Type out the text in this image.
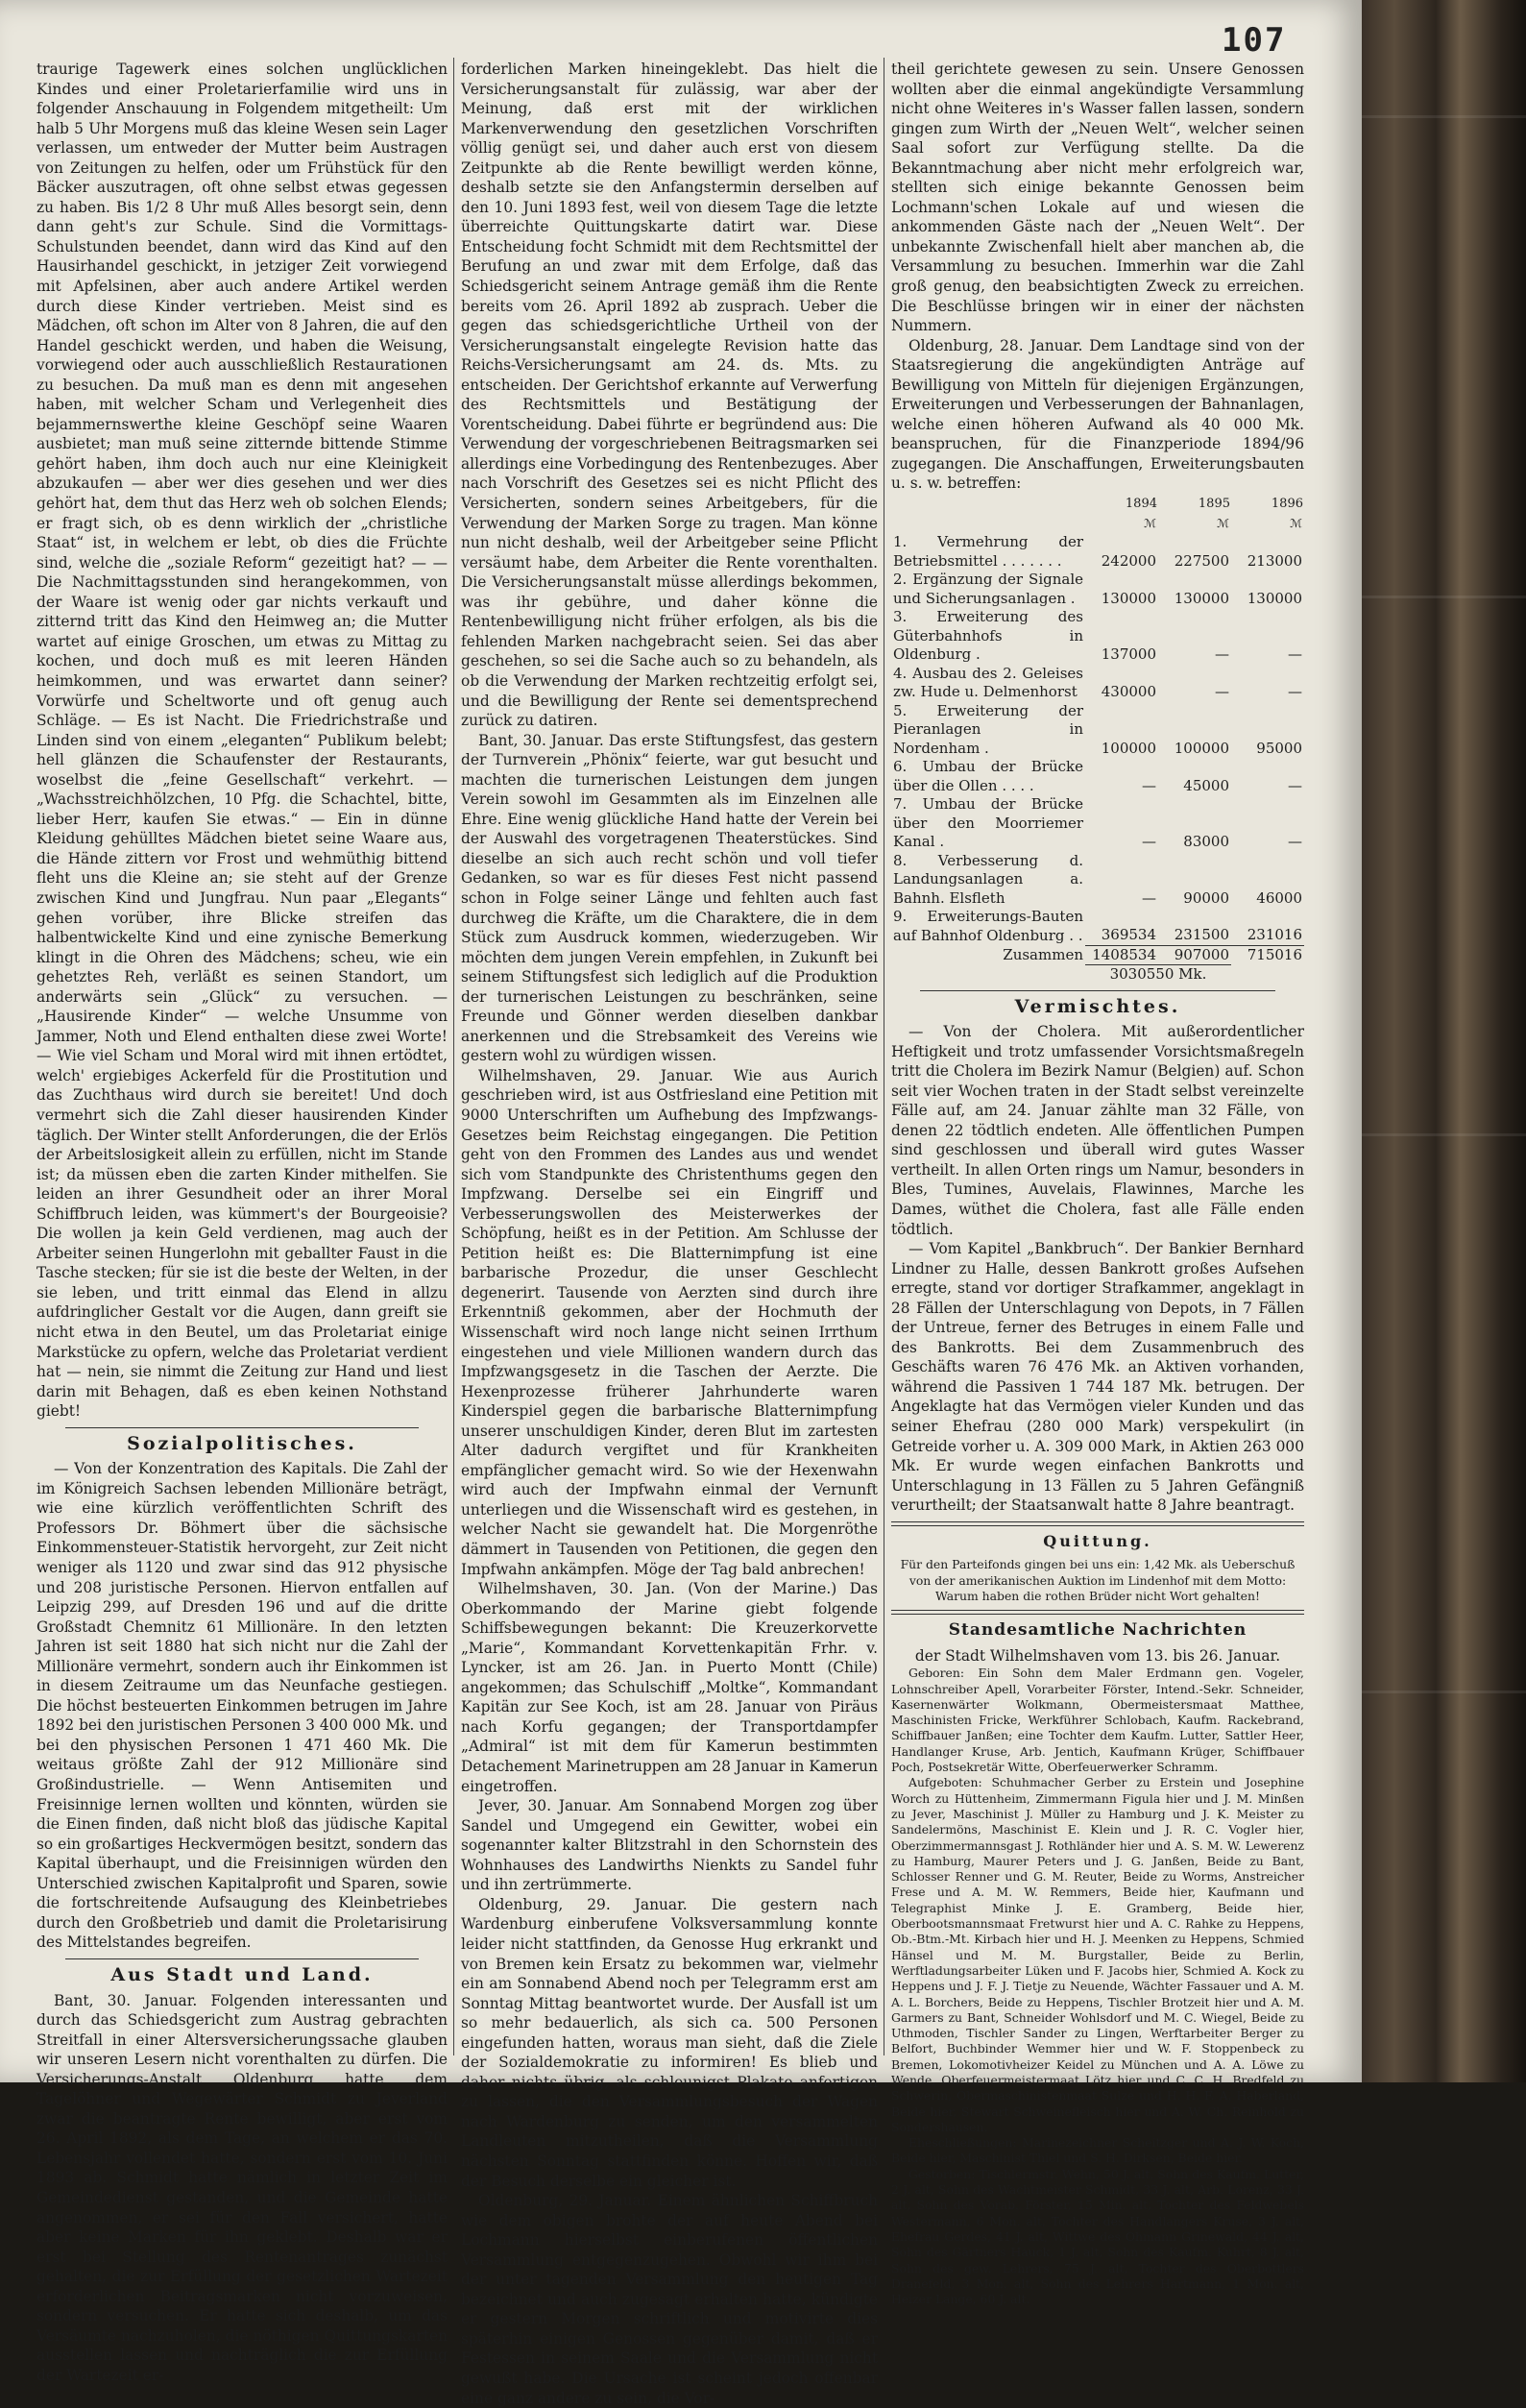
107

traurige Tagewerk eines solchen unglücklichen Kindes und einer Proletarierfamilie wird uns in folgender Anschauung in Folgendem mitgetheilt: Um halb 5 Uhr Morgens muß das kleine Wesen sein Lager verlassen, um entweder der Mutter beim Austragen von Zeitungen zu helfen, oder um Frühstück für den Bäcker auszutragen, oft ohne selbst etwas gegessen zu haben. Bis 1/2 8 Uhr muß Alles besorgt sein, denn dann geht's zur Schule. Sind die Vormittags-Schulstunden beendet, dann wird das Kind auf den Hausirhandel geschickt, in jetziger Zeit vorwiegend mit Apfelsinen, aber auch andere Artikel werden durch diese Kinder vertrieben. Meist sind es Mädchen, oft schon im Alter von 8 Jahren, die auf den Handel geschickt werden, und haben die Weisung, vorwiegend oder auch ausschließlich Restaurationen zu besuchen. Da muß man es denn mit angesehen haben, mit welcher Scham und Verlegenheit dies bejammernswerthe kleine Geschöpf seine Waaren ausbietet; man muß seine zitternde bittende Stimme gehört haben, ihm doch auch nur eine Kleinigkeit abzukaufen — aber wer dies gesehen und wer dies gehört hat, dem thut das Herz weh ob solchen Elends; er fragt sich, ob es denn wirklich der „christliche Staat“ ist, in welchem er lebt, ob dies die Früchte sind, welche die „soziale Reform“ gezeitigt hat? — — Die Nachmittagsstunden sind herangekommen, von der Waare ist wenig oder gar nichts verkauft und zitternd tritt das Kind den Heimweg an; die Mutter wartet auf einige Groschen, um etwas zu Mittag zu kochen, und doch muß es mit leeren Händen heimkommen, und was erwartet dann seiner? Vorwürfe und Scheltworte und oft genug auch Schläge. — Es ist Nacht. Die Friedrichstraße und Linden sind von einem „eleganten“ Publikum belebt; hell glänzen die Schaufenster der Restaurants, woselbst die „feine Gesellschaft“ verkehrt. — „Wachsstreichhölzchen, 10 Pfg. die Schachtel, bitte, lieber Herr, kaufen Sie etwas.“ — Ein in dünne Kleidung gehülltes Mädchen bietet seine Waare aus, die Hände zittern vor Frost und wehmüthig bittend fleht uns die Kleine an; sie steht auf der Grenze zwischen Kind und Jungfrau. Nun paar „Elegants“ gehen vorüber, ihre Blicke streifen das halbentwickelte Kind und eine zynische Bemerkung klingt in die Ohren des Mädchens; scheu, wie ein gehetztes Reh, verläßt es seinen Standort, um anderwärts sein „Glück“ zu versuchen. — „Hausirende Kinder“ — welche Unsumme von Jammer, Noth und Elend enthalten diese zwei Worte! — Wie viel Scham und Moral wird mit ihnen ertödtet, welch' ergiebiges Ackerfeld für die Prostitution und das Zuchthaus wird durch sie bereitet! Und doch vermehrt sich die Zahl dieser hausirenden Kinder täglich. Der Winter stellt Anforderungen, die der Erlös der Arbeitslosigkeit allein zu erfüllen, nicht im Stande ist; da müssen eben die zarten Kinder mithelfen. Sie leiden an ihrer Gesundheit oder an ihrer Moral Schiffbruch leiden, was kümmert's der Bourgeoisie? Die wollen ja kein Geld verdienen, mag auch der Arbeiter seinen Hungerlohn mit geballter Faust in die Tasche stecken; für sie ist die beste der Welten, in der sie leben, und tritt einmal das Elend in allzu aufdringlicher Gestalt vor die Augen, dann greift sie nicht etwa in den Beutel, um das Proletariat einige Markstücke zu opfern, welche das Proletariat verdient hat — nein, sie nimmt die Zeitung zur Hand und liest darin mit Behagen, daß es eben keinen Nothstand giebt!

Sozialpolitisches.

— Von der Konzentration des Kapitals. Die Zahl der im Königreich Sachsen lebenden Millionäre beträgt, wie eine kürzlich veröffentlichten Schrift des Professors Dr. Böhmert über die sächsische Einkommensteuer-Statistik hervorgeht, zur Zeit nicht weniger als 1120 und zwar sind das 912 physische und 208 juristische Personen. Hiervon entfallen auf Leipzig 299, auf Dresden 196 und auf die dritte Großstadt Chemnitz 61 Millionäre. In den letzten Jahren ist seit 1880 hat sich nicht nur die Zahl der Millionäre vermehrt, sondern auch ihr Einkommen ist in diesem Zeitraume um das Neunfache gestiegen. Die höchst besteuerten Einkommen betrugen im Jahre 1892 bei den juristischen Personen 3 400 000 Mk. und bei den physischen Personen 1 471 460 Mk. Die weitaus größte Zahl der 912 Millionäre sind Großindustrielle. — Wenn Antisemiten und Freisinnige lernen wollten und könnten, würden sie die Einen finden, daß nicht bloß das jüdische Kapital so ein großartiges Heckvermögen besitzt, sondern das Kapital überhaupt, und die Freisinnigen würden den Unterschied zwischen Kapitalprofit und Sparen, sowie die fortschreitende Aufsaugung des Kleinbetriebes durch den Großbetrieb und damit die Proletarisirung des Mittelstandes begreifen.

Aus Stadt und Land.

Bant, 30. Januar. Folgenden interessanten und durch das Schiedsgericht zum Austrag gebrachten Streitfall in einer Altersversicherungssache glauben wir unseren Lesern nicht vorenthalten zu dürfen. Die Versicherungs-Anstalt Oldenburg hatte dem Tagelöhner und Wegewärter Schmidt zu Jeverland zwar die beantragte Rente bewilligt, aber erst vom 26. April 1892, als dem Tage, an welchem er das 70. Lebensjahr vollendet hatte, sondern erst vom 10. Juni 1893 ab. Schmidt hatte nämlich in letzter Zeit im Gemeindedienst gestanden, und die Gemeinde hatte angenommen, er sei für den Fall versichert, hatte aber keine Marken für ihn geklebt. Deshalb war er erst bei Stellung des Rentenantrages zunächst gehalten, die zur Erfüllung der gesetzlichen Wartezeit erforderlichen Beitragsmarken nicht vorzuweisen, sondern versuchen. Er hatte sich deshalb, um das Versäumte nachzuholen, die nöthigen Quittungskarten ausstellen lassen und nachträglich die zur Erfüllung der Wartezeit er-

forderlichen Marken hineingeklebt. Das hielt die Versicherungsanstalt für zulässig, war aber der Meinung, daß erst mit der wirklichen Markenverwendung den gesetzlichen Vorschriften völlig genügt sei, und daher auch erst von diesem Zeitpunkte ab die Rente bewilligt werden könne, deshalb setzte sie den Anfangstermin derselben auf den 10. Juni 1893 fest, weil von diesem Tage die letzte überreichte Quittungskarte datirt war. Diese Entscheidung focht Schmidt mit dem Rechtsmittel der Berufung an und zwar mit dem Erfolge, daß das Schiedsgericht seinem Antrage gemäß ihm die Rente bereits vom 26. April 1892 ab zusprach. Ueber die gegen das schiedsgerichtliche Urtheil von der Versicherungsanstalt eingelegte Revision hatte das Reichs-Versicherungsamt am 24. ds. Mts. zu entscheiden. Der Gerichtshof erkannte auf Verwerfung des Rechtsmittels und Bestätigung der Vorentscheidung. Dabei führte er begründend aus: Die Verwendung der vorgeschriebenen Beitragsmarken sei allerdings eine Vorbedingung des Rentenbezuges. Aber nach Vorschrift des Gesetzes sei es nicht Pflicht des Versicherten, sondern seines Arbeitgebers, für die Verwendung der Marken Sorge zu tragen. Man könne nun nicht deshalb, weil der Arbeitgeber seine Pflicht versäumt habe, dem Arbeiter die Rente vorenthalten. Die Versicherungsanstalt müsse allerdings bekommen, was ihr gebühre, und daher könne die Rentenbewilligung nicht früher erfolgen, als bis die fehlenden Marken nachgebracht seien. Sei das aber geschehen, so sei die Sache auch so zu behandeln, als ob die Verwendung der Marken rechtzeitig erfolgt sei, und die Bewilligung der Rente sei dementsprechend zurück zu datiren.

Bant, 30. Januar. Das erste Stiftungsfest, das gestern der Turnverein „Phönix“ feierte, war gut besucht und machten die turnerischen Leistungen dem jungen Verein sowohl im Gesammten als im Einzelnen alle Ehre. Eine wenig glückliche Hand hatte der Verein bei der Auswahl des vorgetragenen Theaterstückes. Sind dieselbe an sich auch recht schön und voll tiefer Gedanken, so war es für dieses Fest nicht passend schon in Folge seiner Länge und fehlten auch fast durchweg die Kräfte, um die Charaktere, die in dem Stück zum Ausdruck kommen, wiederzugeben. Wir möchten dem jungen Verein empfehlen, in Zukunft bei seinem Stiftungsfest sich lediglich auf die Produktion der turnerischen Leistungen zu beschränken, seine Freunde und Gönner werden dieselben dankbar anerkennen und die Strebsamkeit des Vereins wie gestern wohl zu würdigen wissen.

Wilhelmshaven, 29. Januar. Wie aus Aurich geschrieben wird, ist aus Ostfriesland eine Petition mit 9000 Unterschriften um Aufhebung des Impfzwangs-Gesetzes beim Reichstag eingegangen. Die Petition geht von den Frommen des Landes aus und wendet sich vom Standpunkte des Christenthums gegen den Impfzwang. Derselbe sei ein Eingriff und Verbesserungswollen des Meisterwerkes der Schöpfung, heißt es in der Petition. Am Schlusse der Petition heißt es: Die Blatternimpfung ist eine barbarische Prozedur, die unser Geschlecht degenerirt. Tausende von Aerzten sind durch ihre Erkenntniß gekommen, aber der Hochmuth der Wissenschaft wird noch lange nicht seinen Irrthum eingestehen und viele Millionen wandern durch das Impfzwangsgesetz in die Taschen der Aerzte. Die Hexenprozesse früherer Jahrhunderte waren Kinderspiel gegen die barbarische Blatternimpfung unserer unschuldigen Kinder, deren Blut im zartesten Alter dadurch vergiftet und für Krankheiten empfänglicher gemacht wird. So wie der Hexenwahn wird auch der Impfwahn einmal der Vernunft unterliegen und die Wissenschaft wird es gestehen, in welcher Nacht sie gewandelt hat. Die Morgenröthe dämmert in Tausenden von Petitionen, die gegen den Impfwahn ankämpfen. Möge der Tag bald anbrechen!

Wilhelmshaven, 30. Jan. (Von der Marine.) Das Oberkommando der Marine giebt folgende Schiffsbewegungen bekannt: Die Kreuzerkorvette „Marie“, Kommandant Korvettenkapitän Frhr. v. Lyncker, ist am 26. Jan. in Puerto Montt (Chile) angekommen; das Schulschiff „Moltke“, Kommandant Kapitän zur See Koch, ist am 28. Januar von Piräus nach Korfu gegangen; der Transportdampfer „Admiral“ ist mit dem für Kamerun bestimmten Detachement Marinetruppen am 28 Januar in Kamerun eingetroffen.

Jever, 30. Januar. Am Sonnabend Morgen zog über Sandel und Umgegend ein Gewitter, wobei ein sogenannter kalter Blitzstrahl in den Schornstein des Wohnhauses des Landwirths Nienkts zu Sandel fuhr und ihn zertrümmerte.

Oldenburg, 29. Januar. Die gestern nach Wardenburg einberufene Volksversammlung konnte leider nicht stattfinden, da Genosse Hug erkrankt und von Bremen kein Ersatz zu bekommen war, vielmehr ein am Sonnabend Abend noch per Telegramm erst am Sonntag Mittag beantwortet wurde. Der Ausfall ist um so mehr bedauerlich, als sich ca. 500 Personen eingefunden hatten, woraus man sieht, daß die Ziele der Sozialdemokratie zu informiren! Es blieb und daher nichts übrig, als schleunigst Plakate anfertigen zu lassen, die den Versammlungsbesuch der Wagen nach Wardenburg zu senden, um den versammelten Landleuten mitzutheilen, daß die Versammlung nächsten Sonntag stattfinden könne. Hoffen wir, daß der Besuch derselbe ein gleicher ist.

Oldenburg, 29. Januar. Einem ähnlichen Schiffbruch wie dem obigen brohte der auf heute Abend bei Lochmann hierselbst einberufenen öffentlichen Versammlung entgegenzugehen. Obwohl wir ihm bei der unter tagenden Versammlung den heutigen Tag bezeichnet und auch zugesagt erhalten hatte, kündigte er gestern Morgen schriftlich und motivirte dies späterhin einigen Genossen gegenüber damit, daß er Festessen in seinem Saale und die Versammlung nicht gewußt habe. Die Ursache ist scheint jedoch offenbar eine ganz andere zu sein, die Vor-

theil gerichtete gewesen zu sein. Unsere Genossen wollten aber die einmal angekündigte Versammlung nicht ohne Weiteres in's Wasser fallen lassen, sondern gingen zum Wirth der „Neuen Welt“, welcher seinen Saal sofort zur Verfügung stellte. Da die Bekanntmachung aber nicht mehr erfolgreich war, stellten sich einige bekannte Genossen beim Lochmann'schen Lokale auf und wiesen die ankommenden Gäste nach der „Neuen Welt“. Der unbekannte Zwischenfall hielt aber manchen ab, die Versammlung zu besuchen. Immerhin war die Zahl groß genug, den beabsichtigten Zweck zu erreichen. Die Beschlüsse bringen wir in einer der nächsten Nummern.

Oldenburg, 28. Januar. Dem Landtage sind von der Staatsregierung die angekündigten Anträge auf Bewilligung von Mitteln für diejenigen Ergänzungen, Erweiterungen und Verbesserungen der Bahnanlagen, welche einen höheren Aufwand als 40 000 Mk. beanspruchen, für die Finanzperiode 1894/96 zugegangen. Die Anschaffungen, Erweiterungsbauten u. s. w. betreffen:

	1894	1895	1896
	ℳ	ℳ	ℳ
1. Vermehrung der Betriebsmittel . . . . . . .	242000	227500	213000
2. Ergänzung der Signale und Sicherungsanlagen .	130000	130000	130000
3. Erweiterung des Güterbahnhofs in Oldenburg .	137000	—	—
4. Ausbau des 2. Geleises zw. Hude u. Delmenhorst	430000	—	—
5. Erweiterung der Pieranlagen in Nordenham .	100000	100000	95000
6. Umbau der Brücke über die Ollen . . . .	—	45000	—
7. Umbau der Brücke über den Moorriemer Kanal .	—	83000	—
8. Verbesserung d. Landungsanlagen a. Bahnh. Elsfleth	—	90000	46000
9. Erweiterungs-Bauten auf Bahnhof Oldenburg . .	369534	231500	231016
Zusammen	1408534	907000	715016
	3030550 Mk.		
Vermischtes.

— Von der Cholera. Mit außerordentlicher Heftigkeit und trotz umfassender Vorsichtsmaßregeln tritt die Cholera im Bezirk Namur (Belgien) auf. Schon seit vier Wochen traten in der Stadt selbst vereinzelte Fälle auf, am 24. Januar zählte man 32 Fälle, von denen 22 tödtlich endeten. Alle öffentlichen Pumpen sind geschlossen und überall wird gutes Wasser vertheilt. In allen Orten rings um Namur, besonders in Bles, Tumines, Auvelais, Flawinnes, Marche les Dames, wüthet die Cholera, fast alle Fälle enden tödtlich.

— Vom Kapitel „Bankbruch“. Der Bankier Bernhard Lindner zu Halle, dessen Bankrott großes Aufsehen erregte, stand vor dortiger Strafkammer, angeklagt in 28 Fällen der Unterschlagung von Depots, in 7 Fällen der Untreue, ferner des Betruges in einem Falle und des Bankrotts. Bei dem Zusammenbruch des Geschäfts waren 76 476 Mk. an Aktiven vorhanden, während die Passiven 1 744 187 Mk. betrugen. Der Angeklagte hat das Vermögen vieler Kunden und das seiner Ehefrau (280 000 Mark) verspekulirt (in Getreide vorher u. A. 309 000 Mark, in Aktien 263 000 Mk. Er wurde wegen einfachen Bankrotts und Unterschlagung in 13 Fällen zu 5 Jahren Gefängniß verurtheilt; der Staatsanwalt hatte 8 Jahre beantragt.

Quittung.

Für den Parteifonds gingen bei uns ein: 1,42 Mk. als Ueberschuß von der amerikanischen Auktion im Lindenhof mit dem Motto: Warum haben die rothen Brüder nicht Wort gehalten!

Standesamtliche Nachrichten

der Stadt Wilhelmshaven vom 13. bis 26. Januar.

Geboren: Ein Sohn dem Maler Erdmann gen. Vogeler, Lohnschreiber Apell, Vorarbeiter Förster, Intend.-Sekr. Schneider, Kasernenwärter Wolkmann, Obermeistersmaat Matthee, Maschinisten Fricke, Werkführer Schlobach, Kaufm. Rackebrand, Schiffbauer Janßen; eine Tochter dem Kaufm. Lutter, Sattler Heer, Handlanger Kruse, Arb. Jentich, Kaufmann Krüger, Schiffbauer Poch, Postsekretär Witte, Oberfeuerwerker Schramm.

Aufgeboten: Schuhmacher Gerber zu Erstein und Josephine Worch zu Hüttenheim, Zimmermann Figula hier und J. M. Minßen zu Jever, Maschinist J. Müller zu Hamburg und J. K. Meister zu Sandelermöns, Maschinist E. Klein und J. R. C. Vogler hier, Oberzimmermannsgast J. Rothländer hier und A. S. M. W. Lewerenz zu Hamburg, Maurer Peters und J. G. Janßen, Beide zu Bant, Schlosser Renner und G. M. Reuter, Beide zu Worms, Anstreicher Frese und A. M. W. Remmers, Beide hier, Kaufmann und Telegraphist Minke J. E. Gramberg, Beide hier, Oberbootsmannsmaat Fretwurst hier und A. C. Rahke zu Heppens, Ob.-Btm.-Mt. Kirbach hier und H. J. Meenken zu Heppens, Schmied Hänsel und M. M. Burgstaller, Beide zu Berlin, Werftladungsarbeiter Lüken und F. Jacobs hier, Schmied A. Kock zu Heppens und J. F. J. Tietje zu Neuende, Wächter Fassauer und A. M. A. L. Borchers, Beide zu Heppens, Tischler Brotzeit hier und A. M. Garmers zu Bant, Schneider Wohlsdorf und M. C. Wiegel, Beide zu Uthmoden, Tischler Sander zu Lingen, Werftarbeiter Berger zu Belfort, Buchbinder Wemmer hier und W. F. Stoppenbeck zu Bremen, Lokomotivheizer Keidel zu München und A. A. Löwe zu Wende, Oberfeuermeistermaat Lötz hier und C. C. H. Bredfeld zu Schwerin, Obermaschinistenmaat Sulze und H. H. F. A. Haberland, Beide hier, Stewart Schweinefleisch hier und A. W. Ch. Reinhold zu Sondershausen.

Eheschließungen: Marinezeichner Scheitzger und A. J. W. Koch, Beide hier, Maschinist Thiel und S. H. Dirksen, Beide hier.

Gestorben: Tischlermstr. Wehn, 50 J. alt, Sohn des Kaufm. Lutter, 2 J. alt, Sohn des Wachtmeister Schmidt, 33 J. alt, Arb. Lorenz, 33 J. alt, Sohn des Vorab. Förster, 15 Min. alt, Tochter des Feldwebels Westermann, 6 Mon. alt, Tochter des Handlangers Kruse, 3 J. alt, Ehefrau Gerdes, 41 J. alt, Wittwe des Ohmann Grinewald, 44 J. alt, Sohn des Gärtners Hauck, 1 J. alt, Sohn des Kaufm. Kuhrt, 8 J. alt, Sohn des gew. Lehrers, 75 J. alt, Tochter des Oberbottlers Dranefeld, 3 Mon. alt, Sohn des Lehrers Hartmann, 1 Mon. alt, Heizer Lange, 60 J. alt.
